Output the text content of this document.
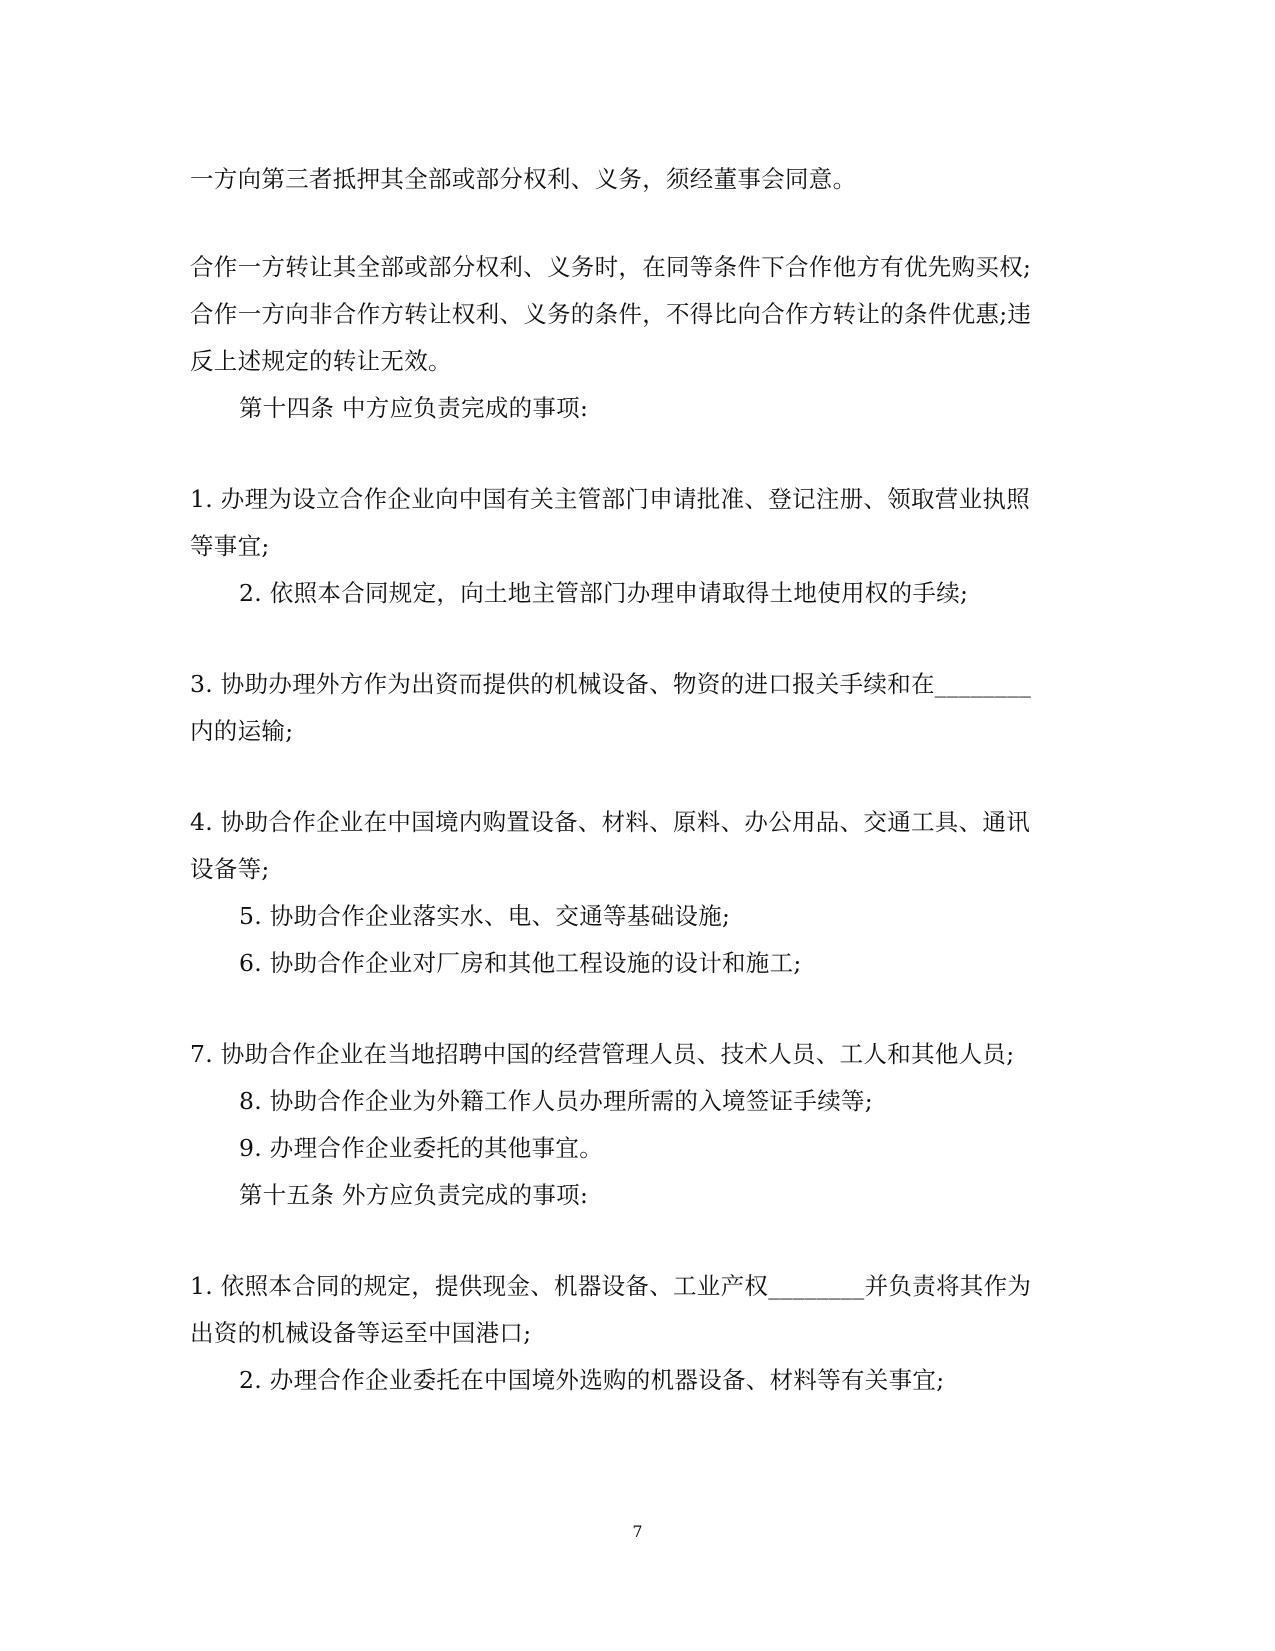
一方向第三者抵押其全部或部分权利、义务，须经董事会同意。
合作一方转让其全部或部分权利、义务时，在同等条件下合作他方有优先购买权;
合作一方向非合作方转让权利、义务的条件，不得比向合作方转让的条件优惠;违
反上述规定的转让无效。
第十四条 中方应负责完成的事项:
1. 办理为设立合作企业向中国有关主管部门申请批准、登记注册、领取营业执照
等事宜;
2. 依照本合同规定，向土地主管部门办理申请取得土地使用权的手续;
3. 协助办理外方作为出资而提供的机械设备、物资的进口报关手续和在________
内的运输;
4. 协助合作企业在中国境内购置设备、材料、原料、办公用品、交通工具、通讯
设备等;
5. 协助合作企业落实水、电、交通等基础设施;
6. 协助合作企业对厂房和其他工程设施的设计和施工;
7. 协助合作企业在当地招聘中国的经营管理人员、技术人员、工人和其他人员;
8. 协助合作企业为外籍工作人员办理所需的入境签证手续等;
9. 办理合作企业委托的其他事宜。
第十五条 外方应负责完成的事项:
1. 依照本合同的规定，提供现金、机器设备、工业产权________并负责将其作为
出资的机械设备等运至中国港口;
2. 办理合作企业委托在中国境外选购的机器设备、材料等有关事宜;
7
